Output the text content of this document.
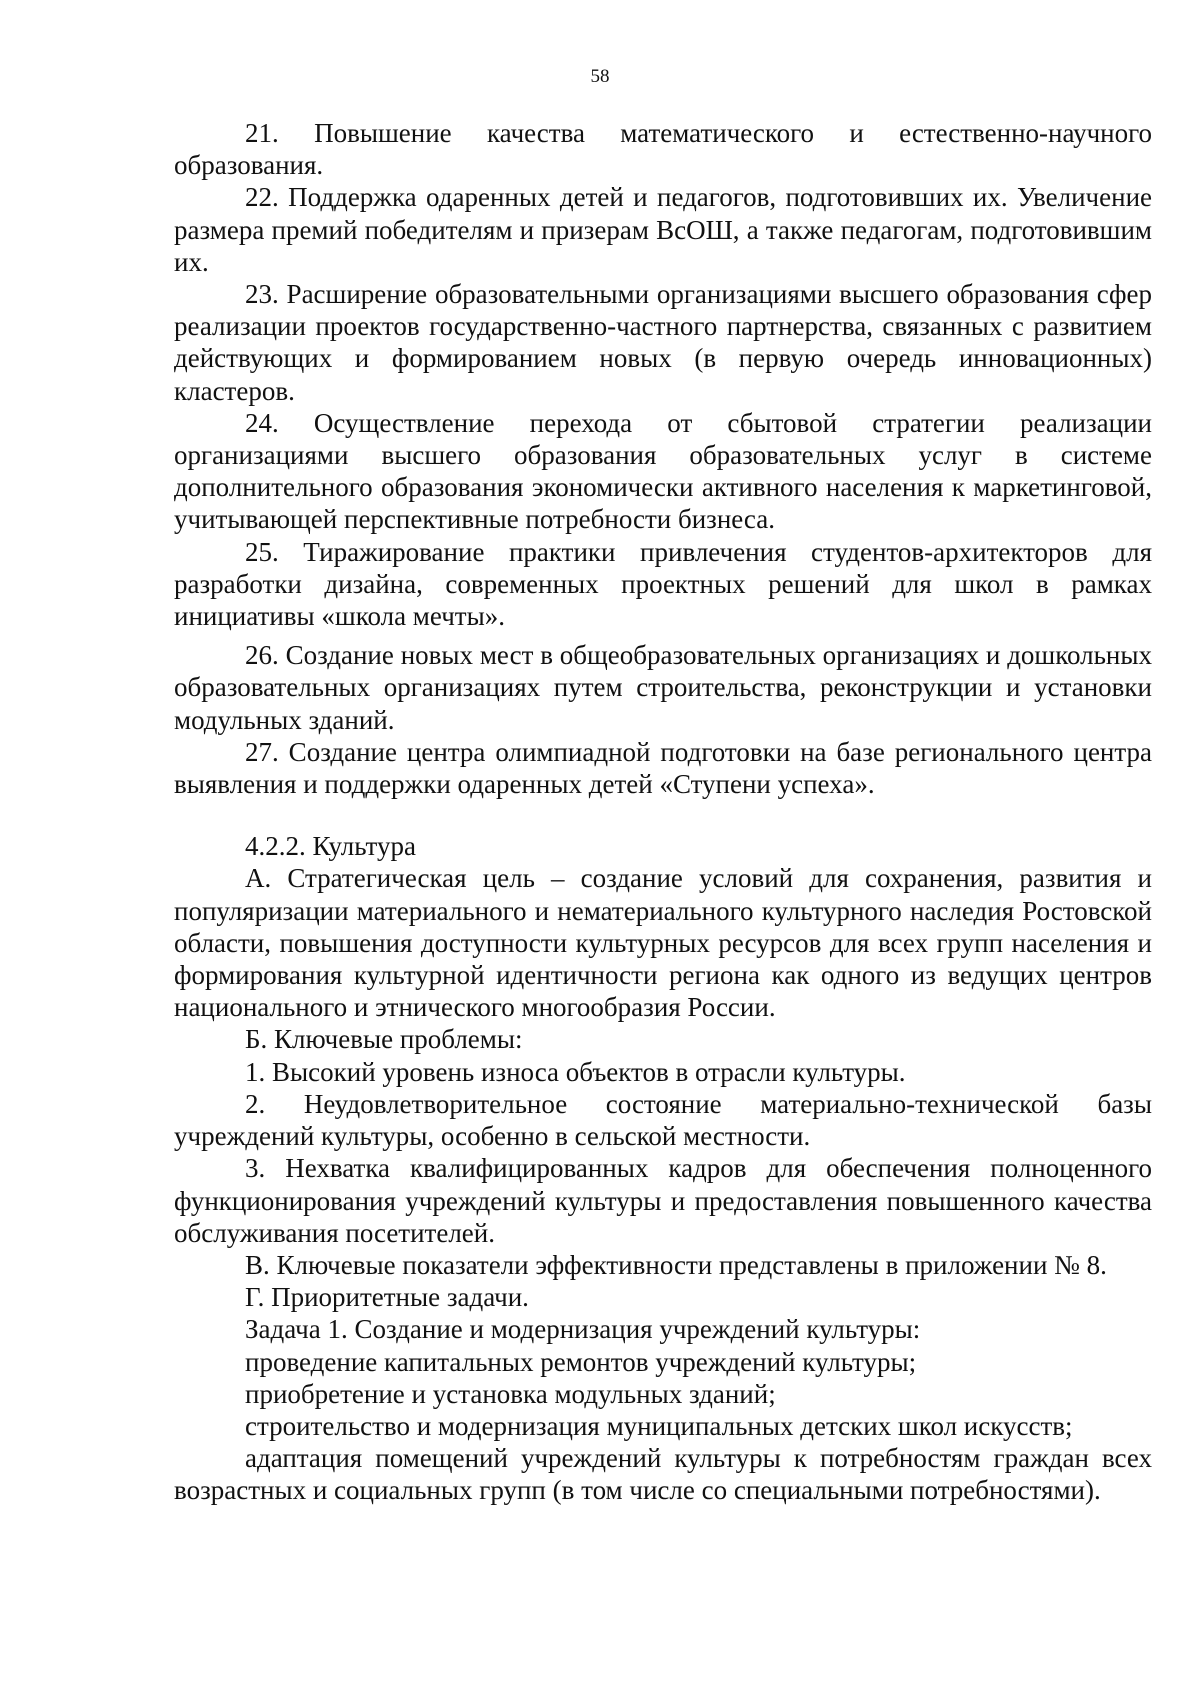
58

21. Повышение качества математического и естественно-научного образования.

22. Поддержка одаренных детей и педагогов, подготовивших их. Увеличение размера премий победителям и призерам ВсОШ, а также педагогам, подготовившим их.

23. Расширение образовательными организациями высшего образования сфер реализации проектов государственно-частного партнерства, связанных с развитием действующих и формированием новых (в первую очередь инновационных) кластеров.

24. Осуществление перехода от сбытовой стратегии реализации организациями высшего образования образовательных услуг в системе дополнительного образования экономически активного населения к маркетинговой, учитывающей перспективные потребности бизнеса.

25. Тиражирование практики привлечения студентов-архитекторов для разработки дизайна, современных проектных решений для школ в рамках инициативы «школа мечты».

26. Создание новых мест в общеобразовательных организациях и дошкольных образовательных организациях путем строительства, реконструкции и установки модульных зданий.

27. Создание центра олимпиадной подготовки на базе регионального центра выявления и поддержки одаренных детей «Ступени успеха».

4.2.2. Культура

А. Стратегическая цель – создание условий для сохранения, развития и популяризации материального и нематериального культурного наследия Ростовской области, повышения доступности культурных ресурсов для всех групп населения и формирования культурной идентичности региона как одного из ведущих центров национального и этнического многообразия России.

Б. Ключевые проблемы:

1. Высокий уровень износа объектов в отрасли культуры.

2. Неудовлетворительное состояние материально-технической базы учреждений культуры, особенно в сельской местности.

3. Нехватка квалифицированных кадров для обеспечения полноценного функционирования учреждений культуры и предоставления повышенного качества обслуживания посетителей.

В. Ключевые показатели эффективности представлены в приложении № 8.

Г. Приоритетные задачи.

Задача 1. Создание и модернизация учреждений культуры:

проведение капитальных ремонтов учреждений культуры;

приобретение и установка модульных зданий;

строительство и модернизация муниципальных детских школ искусств;

адаптация помещений учреждений культуры к потребностям граждан всех возрастных и социальных групп (в том числе со специальными потребностями).
